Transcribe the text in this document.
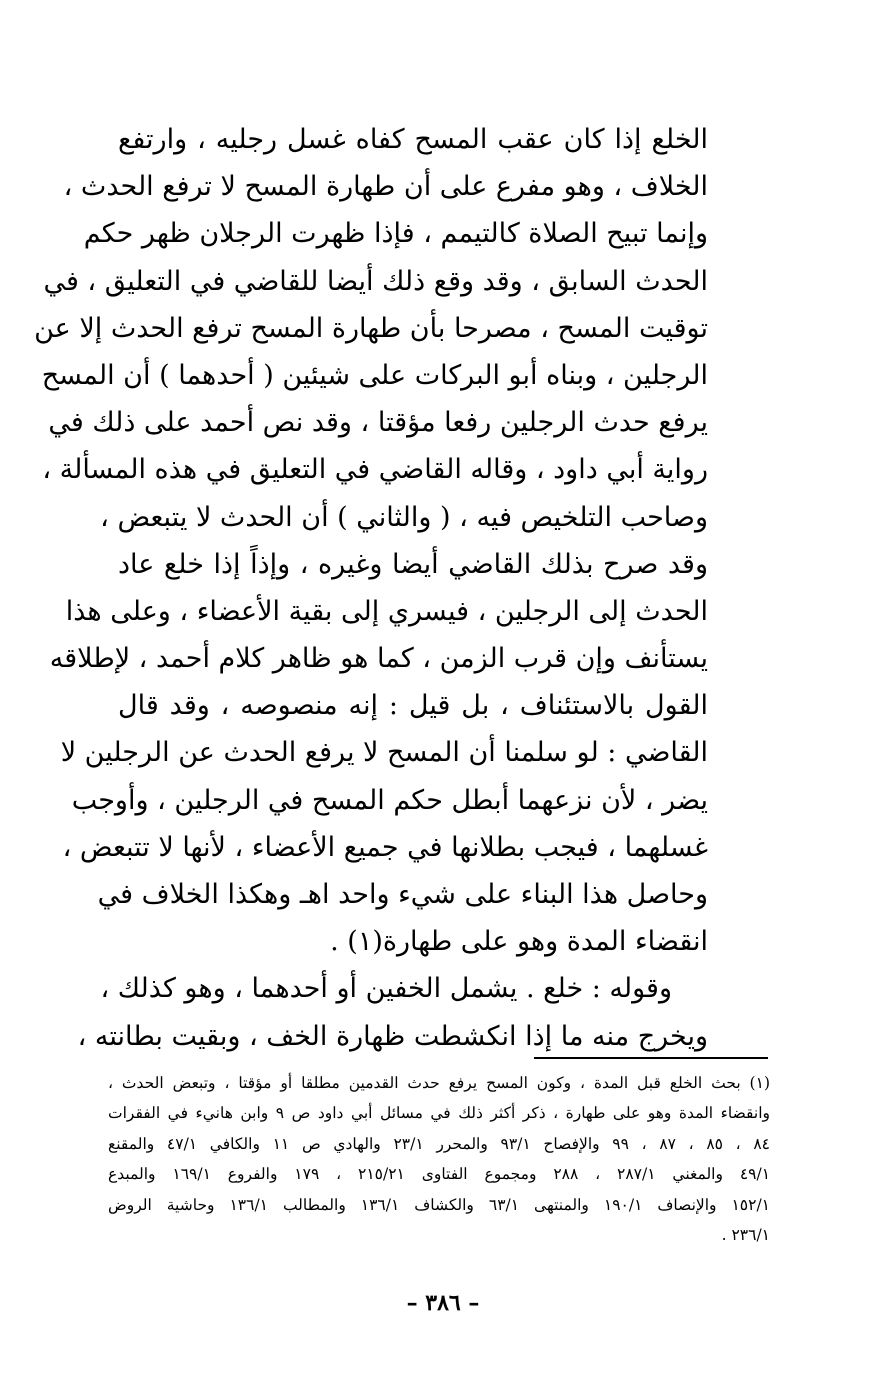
الخلع إذا كان عقب المسح كفاه غسل رجليه ، وارتفع
الخلاف ، وهو مفرع على أن طهارة المسح لا ترفع الحدث ،
وإنما تبيح الصلاة كالتيمم ، فإذا ظهرت الرجلان ظهر حكم
الحدث السابق ، وقد وقع ذلك أيضا للقاضي في التعليق ، في
توقيت المسح ، مصرحا بأن طهارة المسح ترفع الحدث إلا عن
الرجلين ، وبناه أبو البركات على شيئين ( أحدهما ) أن المسح
يرفع حدث الرجلين رفعا مؤقتا ، وقد نص أحمد على ذلك في
رواية أبي داود ، وقاله القاضي في التعليق في هذه المسألة ،
وصاحب التلخيص فيه ، ( والثاني ) أن الحدث لا يتبعض ،
وقد صرح بذلك القاضي أيضا وغيره ، وإذاً إذا خلع عاد
الحدث إلى الرجلين ، فيسري إلى بقية الأعضاء ، وعلى هذا
يستأنف وإن قرب الزمن ، كما هو ظاهر كلام أحمد ، لإطلاقه
القول بالاستئناف ، بل قيل : إنه منصوصه ، وقد قال
القاضي : لو سلمنا أن المسح لا يرفع الحدث عن الرجلين لا
يضر ، لأن نزعهما أبطل حكم المسح في الرجلين ، وأوجب
غسلهما ، فيجب بطلانها في جميع الأعضاء ، لأنها لا تتبعض ،
وحاصل هذا البناء على شيء واحد اهـ وهكذا الخلاف في
انقضاء المدة وهو على طهارة(١) .
وقوله : خلع . يشمل الخفين أو أحدهما ، وهو كذلك ،
ويخرج منه ما إذا انكشطت ظهارة الخف ، وبقيت بطانته ،
(١) بحث الخلع قبل المدة ، وكون المسح يرفع حدث القدمين مطلقا أو مؤقتا ، وتبعض الحدث ،
وانقضاء المدة وهو على طهارة ، ذكر أكثر ذلك في مسائل أبي داود ص ٩ وابن هانيء في الفقرات
٨٤ ، ٨٥ ، ٨٧ ، ٩٩ والإفصاح ٩٣/١ والمحرر ٢٣/١ والهادي ص ١١ والكافي ٤٧/١ والمقنع
٤٩/١ والمغني ٢٨٧/١ ، ٢٨٨ ومجموع الفتاوى ٢١٥/٢١ ، ١٧٩ والفروع ١٦٩/١ والمبدع
١٥٢/١ والإنصاف ١٩٠/١ والمنتهى ٦٣/١ والكشاف ١٣٦/١ والمطالب ١٣٦/١ وحاشية الروض
٢٣٦/١ .
– ٣٨٦ –
